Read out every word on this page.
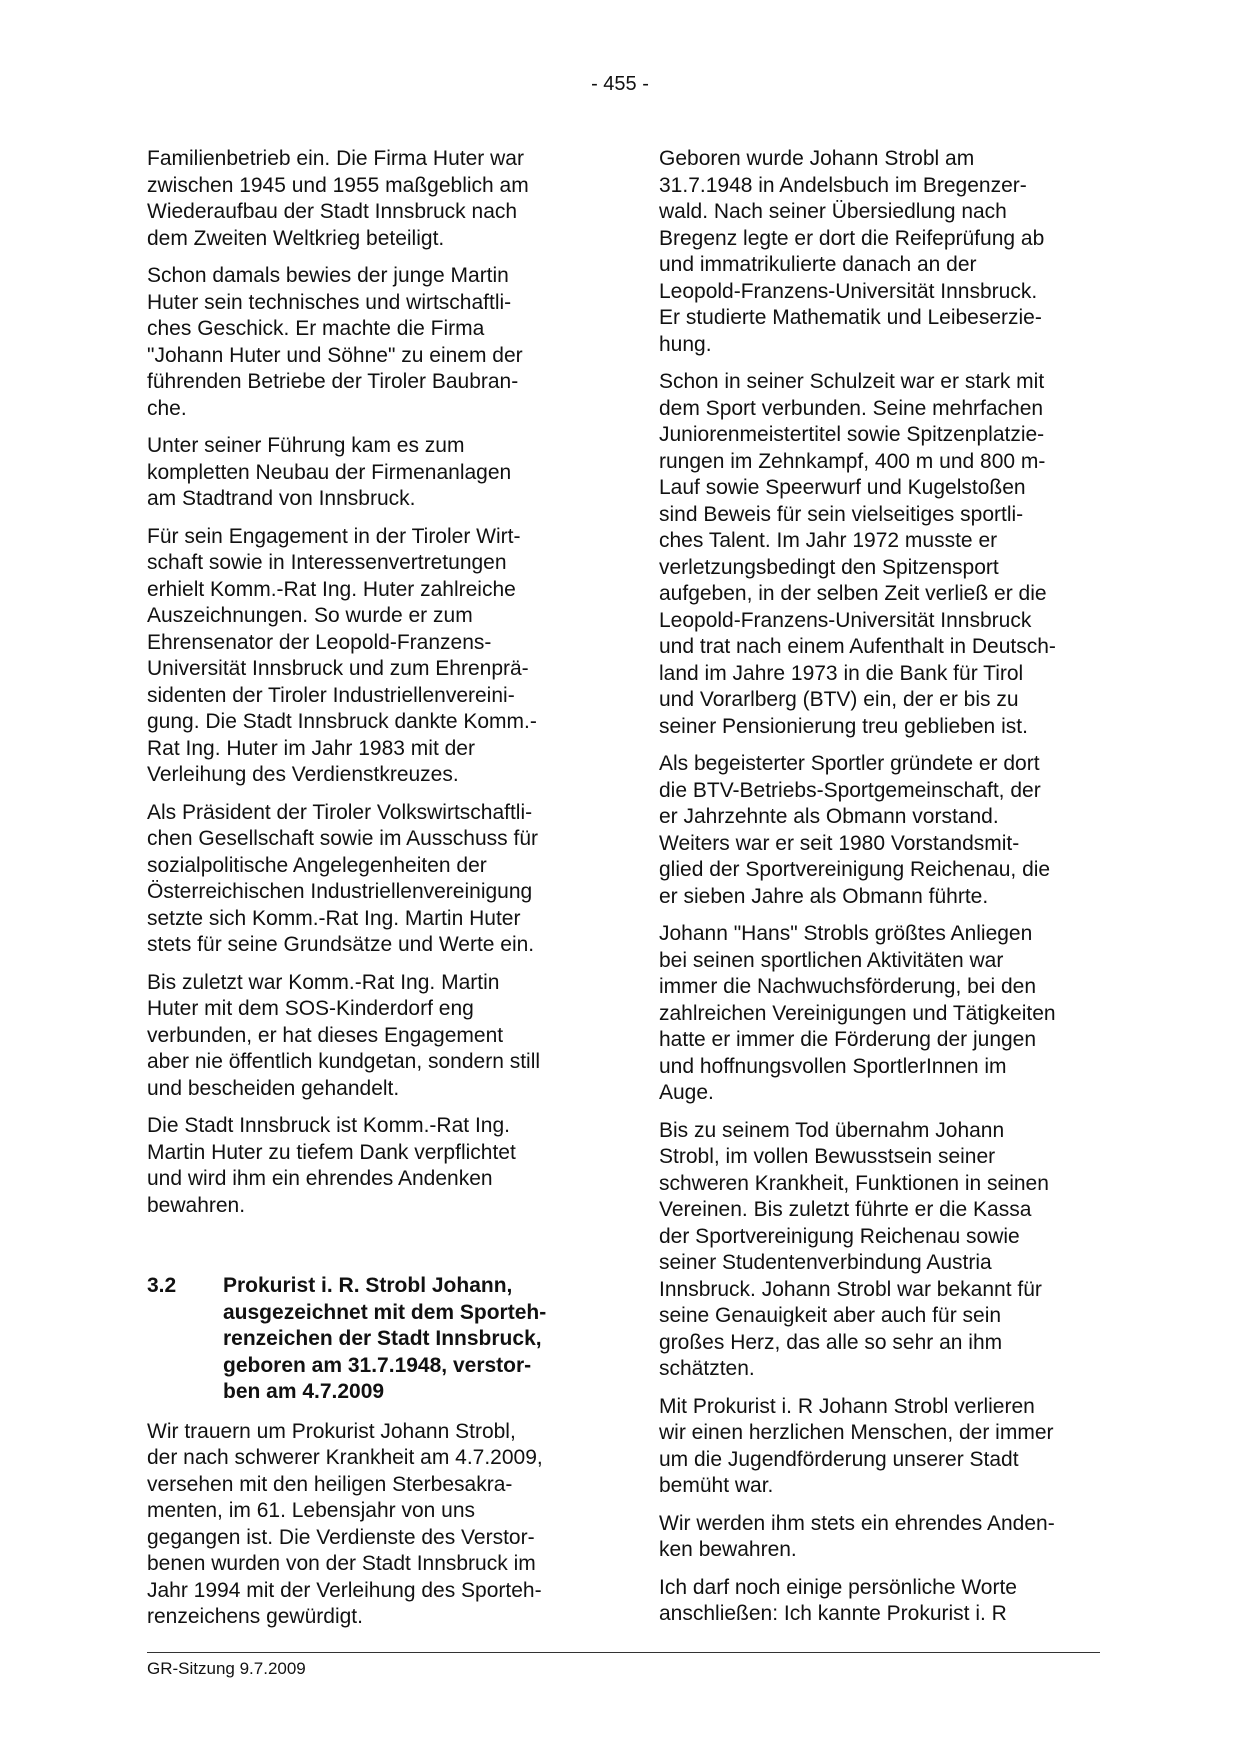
- 455 -

Familienbetrieb ein. Die Firma Huter war
zwischen 1945 und 1955 maßgeblich am
Wiederaufbau der Stadt Innsbruck nach
dem Zweiten Weltkrieg beteiligt.

Schon damals bewies der junge Martin
Huter sein technisches und wirtschaftli-
ches Geschick. Er machte die Firma
"Johann Huter und Söhne" zu einem der
führenden Betriebe der Tiroler Baubran-
che.

Unter seiner Führung kam es zum
kompletten Neubau der Firmenanlagen
am Stadtrand von Innsbruck.

Für sein Engagement in der Tiroler Wirt-
schaft sowie in Interessenvertretungen
erhielt Komm.-Rat Ing. Huter zahlreiche
Auszeichnungen. So wurde er zum
Ehrensenator der Leopold-Franzens-
Universität Innsbruck und zum Ehrenprä-
sidenten der Tiroler Industriellenvereini-
gung. Die Stadt Innsbruck dankte Komm.-
Rat Ing. Huter im Jahr 1983 mit der
Verleihung des Verdienstkreuzes.

Als Präsident der Tiroler Volkswirtschaftli-
chen Gesellschaft sowie im Ausschuss für
sozialpolitische Angelegenheiten der
Österreichischen Industriellenvereinigung
setzte sich Komm.-Rat Ing. Martin Huter
stets für seine Grundsätze und Werte ein.

Bis zuletzt war Komm.-Rat Ing. Martin
Huter mit dem SOS-Kinderdorf eng
verbunden, er hat dieses Engagement
aber nie öffentlich kundgetan, sondern still
und bescheiden gehandelt.

Die Stadt Innsbruck ist Komm.-Rat Ing.
Martin Huter zu tiefem Dank verpflichtet
und wird ihm ein ehrendes Andenken
bewahren.

3.2	Prokurist i. R. Strobl Johann,
ausgezeichnet mit dem Sporteh-
renzeichen der Stadt Innsbruck,
geboren am 31.7.1948, verstor-
ben am 4.7.2009

Wir trauern um Prokurist Johann Strobl,
der nach schwerer Krankheit am 4.7.2009,
versehen mit den heiligen Sterbesakra-
menten, im 61. Lebensjahr von uns
gegangen ist. Die Verdienste des Verstor-
benen wurden von der Stadt Innsbruck im
Jahr 1994 mit der Verleihung des Sporteh-
renzeichens gewürdigt.

Geboren wurde Johann Strobl am
31.7.1948 in Andelsbuch im Bregenzer-
wald. Nach seiner Übersiedlung nach
Bregenz legte er dort die Reifeprüfung ab
und immatrikulierte danach an der
Leopold-Franzens-Universität Innsbruck.
Er studierte Mathematik und Leibeserzie-
hung.

Schon in seiner Schulzeit war er stark mit
dem Sport verbunden. Seine mehrfachen
Juniorenmeistertitel sowie Spitzenplatzie-
rungen im Zehnkampf, 400 m und 800 m-
Lauf sowie Speerwurf und Kugelstoßen
sind Beweis für sein vielseitiges sportli-
ches Talent. Im Jahr 1972 musste er
verletzungsbedingt den Spitzensport
aufgeben, in der selben Zeit verließ er die
Leopold-Franzens-Universität Innsbruck
und trat nach einem Aufenthalt in Deutsch-
land im Jahre 1973 in die Bank für Tirol
und Vorarlberg (BTV) ein, der er bis zu
seiner Pensionierung treu geblieben ist.

Als begeisterter Sportler gründete er dort
die BTV-Betriebs-Sportgemeinschaft, der
er Jahrzehnte als Obmann vorstand.
Weiters war er seit 1980 Vorstandsmit-
glied der Sportvereinigung Reichenau, die
er sieben Jahre als Obmann führte.

Johann "Hans" Strobls größtes Anliegen
bei seinen sportlichen Aktivitäten war
immer die Nachwuchsförderung, bei den
zahlreichen Vereinigungen und Tätigkeiten
hatte er immer die Förderung der jungen
und hoffnungsvollen SportlerInnen im
Auge.

Bis zu seinem Tod übernahm Johann
Strobl, im vollen Bewusstsein seiner
schweren Krankheit, Funktionen in seinen
Vereinen. Bis zuletzt führte er die Kassa
der Sportvereinigung Reichenau sowie
seiner Studentenverbindung Austria
Innsbruck. Johann Strobl war bekannt für
seine Genauigkeit aber auch für sein
großes Herz, das alle so sehr an ihm
schätzten.

Mit Prokurist i. R Johann Strobl verlieren
wir einen herzlichen Menschen, der immer
um die Jugendförderung unserer Stadt
bemüht war.

Wir werden ihm stets ein ehrendes Anden-
ken bewahren.

Ich darf noch einige persönliche Worte
anschließen: Ich kannte Prokurist i. R

GR-Sitzung 9.7.2009
